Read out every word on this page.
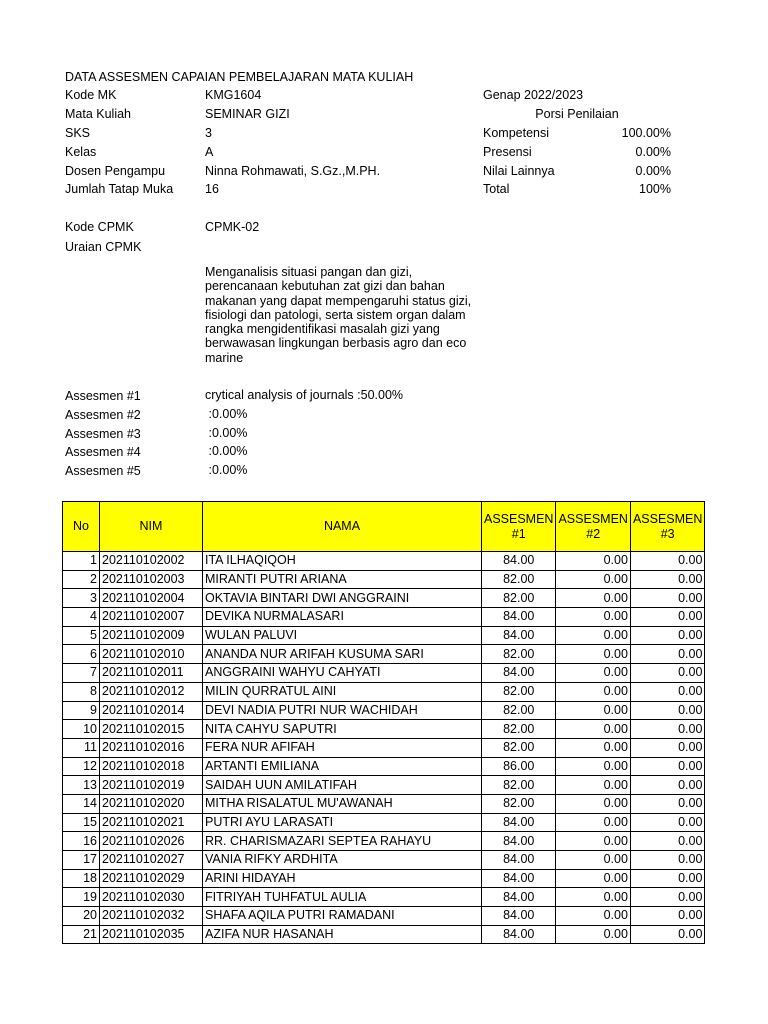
DATA ASSESMEN CAPAIAN PEMBELAJARAN MATA KULIAH
Kode MK	KMG1604
Mata Kuliah	SEMINAR GIZI
SKS	3
Kelas	A
Dosen Pengampu	Ninna Rohmawati, S.Gz.,M.PH.
Jumlah Tatap Muka	16
Genap 2022/2023
Porsi Penilaian
Kompetensi	100.00%
Presensi	0.00%
Nilai Lainnya	0.00%
Total	100%
Kode CPMK	CPMK-02
Uraian CPMK
Menganalisis situasi pangan dan gizi, perencanaan kebutuhan zat gizi dan bahan makanan yang dapat mempengaruhi status gizi, fisiologi dan patologi, serta sistem organ dalam rangka mengidentifikasi masalah gizi yang berwawasan lingkungan berbasis agro dan eco marine
Assesmen #1	crytical analysis of journals :50.00%
Assesmen #2	:0.00%
Assesmen #3	:0.00%
Assesmen #4	:0.00%
Assesmen #5	:0.00%
No	NIM	NAMA	ASSESMEN #1	ASSESMEN #2	ASSESMEN #3
1	202110102002	ITA ILHAQIQOH	84.00	0.00	0.00
2	202110102003	MIRANTI PUTRI ARIANA	82.00	0.00	0.00
3	202110102004	OKTAVIA BINTARI DWI ANGGRAINI	82.00	0.00	0.00
4	202110102007	DEVIKA NURMALASARI	84.00	0.00	0.00
5	202110102009	WULAN PALUVI	84.00	0.00	0.00
6	202110102010	ANANDA NUR ARIFAH KUSUMA SARI	82.00	0.00	0.00
7	202110102011	ANGGRAINI WAHYU CAHYATI	84.00	0.00	0.00
8	202110102012	MILIN QURRATUL AINI	82.00	0.00	0.00
9	202110102014	DEVI NADIA PUTRI NUR WACHIDAH	82.00	0.00	0.00
10	202110102015	NITA CAHYU SAPUTRI	82.00	0.00	0.00
11	202110102016	FERA NUR AFIFAH	82.00	0.00	0.00
12	202110102018	ARTANTI EMILIANA	86.00	0.00	0.00
13	202110102019	SAIDAH UUN AMILATIFAH	82.00	0.00	0.00
14	202110102020	MITHA RISALATUL MU'AWANAH	82.00	0.00	0.00
15	202110102021	PUTRI AYU LARASATI	84.00	0.00	0.00
16	202110102026	RR. CHARISMAZARI SEPTEA RAHAYU	84.00	0.00	0.00
17	202110102027	VANIA RIFKY ARDHITA	84.00	0.00	0.00
18	202110102029	ARINI HIDAYAH	84.00	0.00	0.00
19	202110102030	FITRIYAH TUHFATUL AULIA	84.00	0.00	0.00
20	202110102032	SHAFA AQILA PUTRI RAMADANI	84.00	0.00	0.00
21	202110102035	AZIFA NUR HASANAH	84.00	0.00	0.00
